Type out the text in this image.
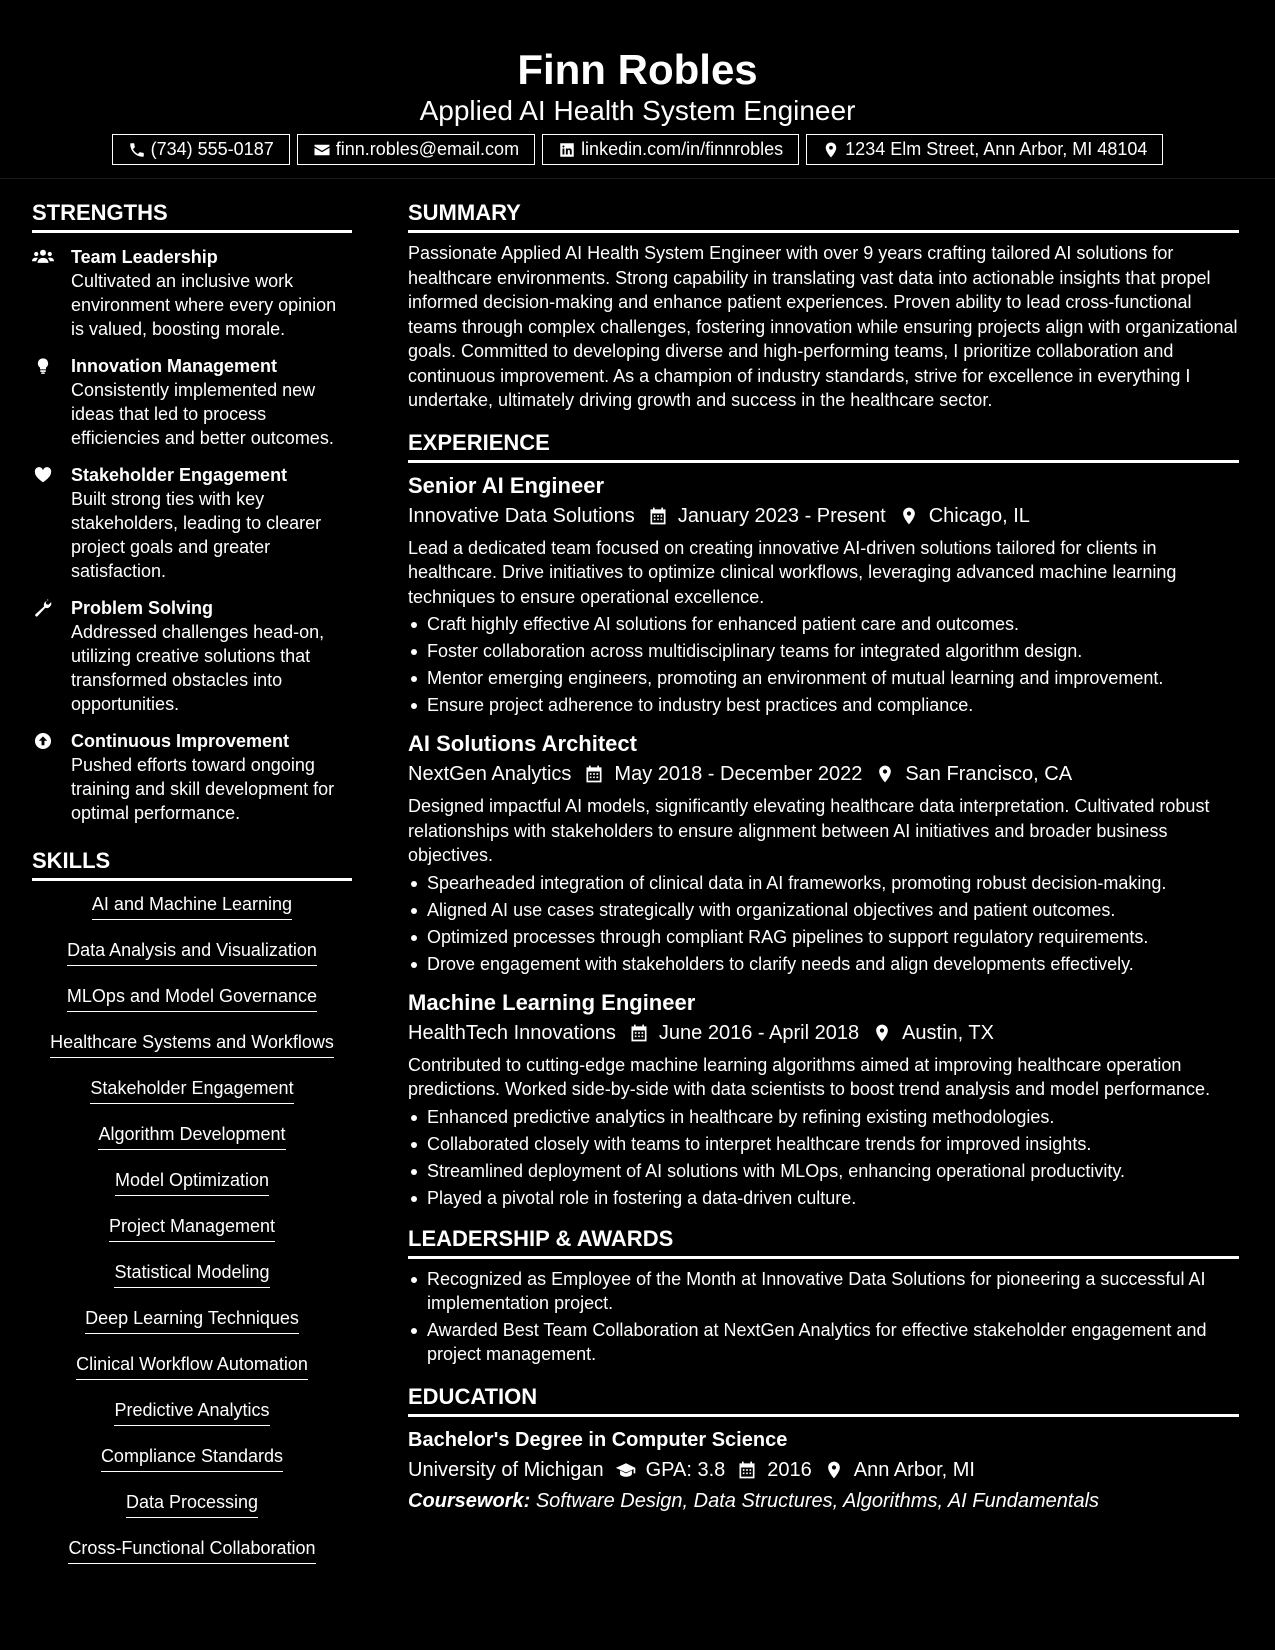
Finn Robles
Applied AI Health System Engineer
(734) 555-0187	finn.robles@email.com	linkedin.com/in/finnrobles	1234 Elm Street, Ann Arbor, MI 48104
STRENGTHS
Team Leadership
Cultivated an inclusive work environment where every opinion is valued, boosting morale.
Innovation Management
Consistently implemented new ideas that led to process efficiencies and better outcomes.
Stakeholder Engagement
Built strong ties with key stakeholders, leading to clearer project goals and greater satisfaction.
Problem Solving
Addressed challenges head-on, utilizing creative solutions that transformed obstacles into opportunities.
Continuous Improvement
Pushed efforts toward ongoing training and skill development for optimal performance.
SKILLS
AI and Machine Learning
Data Analysis and Visualization
MLOps and Model Governance
Healthcare Systems and Workflows
Stakeholder Engagement
Algorithm Development
Model Optimization
Project Management
Statistical Modeling
Deep Learning Techniques
Clinical Workflow Automation
Predictive Analytics
Compliance Standards
Data Processing
Cross-Functional Collaboration
SUMMARY

Passionate Applied AI Health System Engineer with over 9 years crafting tailored AI solutions for healthcare environments. Strong capability in translating vast data into actionable insights that propel informed decision-making and enhance patient experiences. Proven ability to lead cross-functional teams through complex challenges, fostering innovation while ensuring projects align with organizational goals. Committed to developing diverse and high-performing teams, I prioritize collaboration and continuous improvement. As a champion of industry standards, strive for excellence in everything I undertake, ultimately driving growth and success in the healthcare sector.

EXPERIENCE
Senior AI Engineer
Innovative Data Solutions January 2023 - Present Chicago, IL

Lead a dedicated team focused on creating innovative AI-driven solutions tailored for clients in healthcare. Drive initiatives to optimize clinical workflows, leveraging advanced machine learning techniques to ensure operational excellence.

Craft highly effective AI solutions for enhanced patient care and outcomes.
Foster collaboration across multidisciplinary teams for integrated algorithm design.
Mentor emerging engineers, promoting an environment of mutual learning and improvement.
Ensure project adherence to industry best practices and compliance.
AI Solutions Architect
NextGen Analytics May 2018 - December 2022 San Francisco, CA

Designed impactful AI models, significantly elevating healthcare data interpretation. Cultivated robust relationships with stakeholders to ensure alignment between AI initiatives and broader business objectives.

Spearheaded integration of clinical data in AI frameworks, promoting robust decision-making.
Aligned AI use cases strategically with organizational objectives and patient outcomes.
Optimized processes through compliant RAG pipelines to support regulatory requirements.
Drove engagement with stakeholders to clarify needs and align developments effectively.
Machine Learning Engineer
HealthTech Innovations June 2016 - April 2018 Austin, TX

Contributed to cutting-edge machine learning algorithms aimed at improving healthcare operation predictions. Worked side-by-side with data scientists to boost trend analysis and model performance.

Enhanced predictive analytics in healthcare by refining existing methodologies.
Collaborated closely with teams to interpret healthcare trends for improved insights.
Streamlined deployment of AI solutions with MLOps, enhancing operational productivity.
Played a pivotal role in fostering a data-driven culture.
LEADERSHIP & AWARDS
Recognized as Employee of the Month at Innovative Data Solutions for pioneering a successful AI implementation project.
Awarded Best Team Collaboration at NextGen Analytics for effective stakeholder engagement and project management.
EDUCATION
Bachelor's Degree in Computer Science
University of Michigan GPA: 3.8 2016 Ann Arbor, MI
Coursework: Software Design, Data Structures, Algorithms, AI Fundamentals
